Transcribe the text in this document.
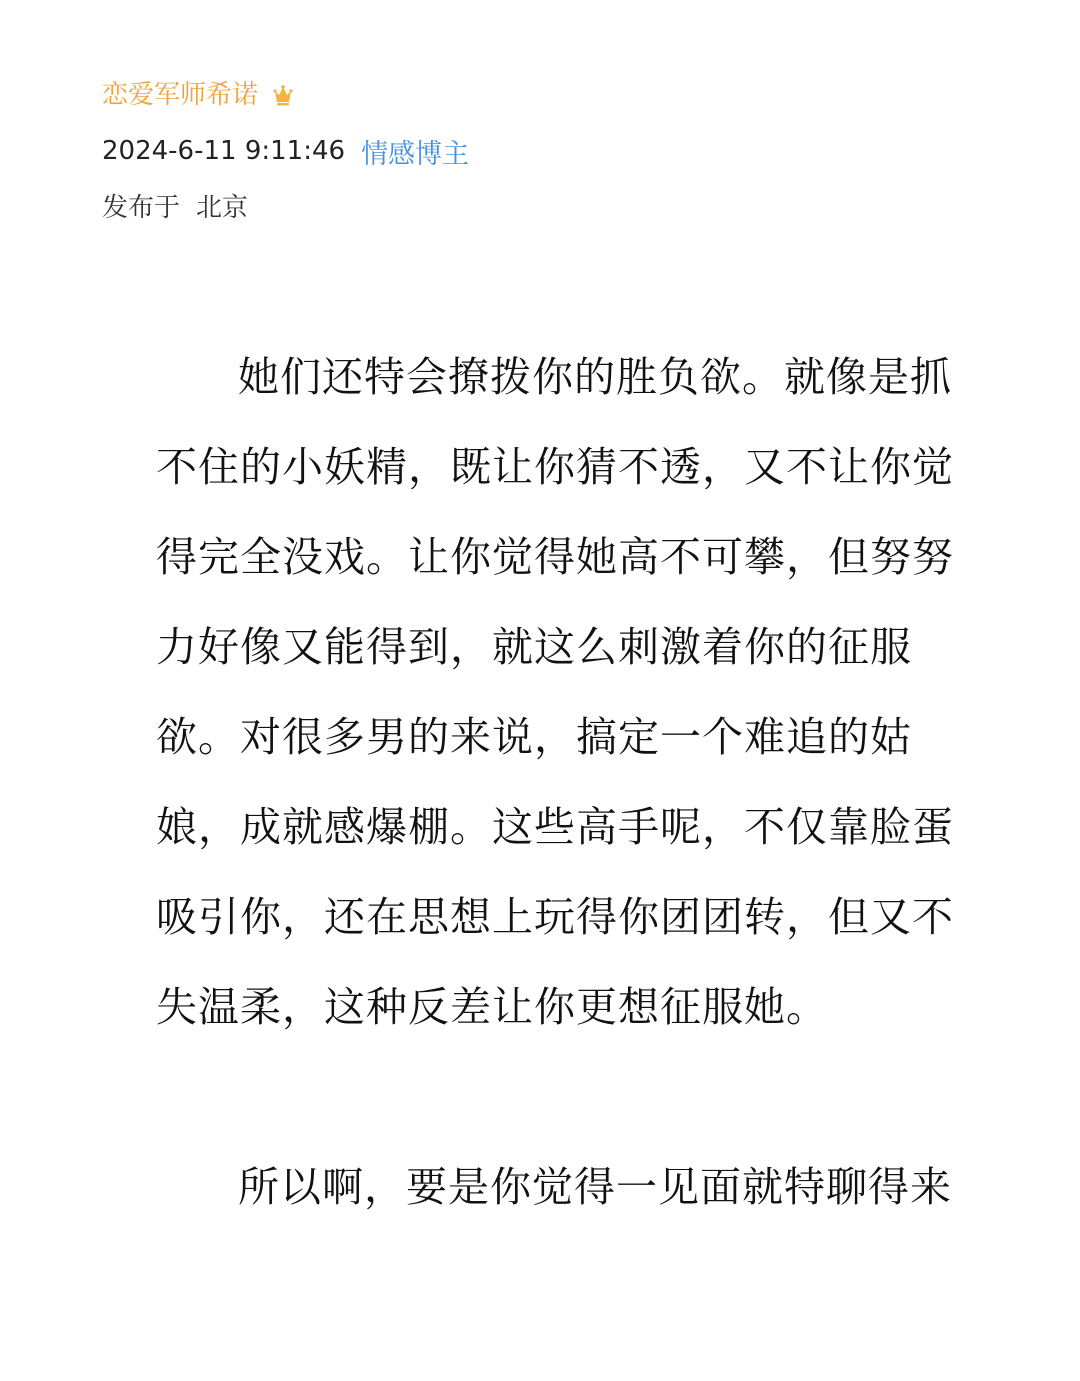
恋爱军师希诺
2024-6-11 9:11:46 情感博主
发布于 北京

她们还特会撩拨你的胜负欲。就像是抓不住的小妖精，既让你猜不透，又不让你觉得完全没戏。让你觉得她高不可攀，但努努力好像又能得到，就这么刺激着你的征服欲。对很多男的来说，搞定一个难追的姑娘，成就感爆棚。这些高手呢，不仅靠脸蛋吸引你，还在思想上玩得你团团转，但又不失温柔，这种反差让你更想征服她。

所以啊，要是你觉得一见面就特聊得来
